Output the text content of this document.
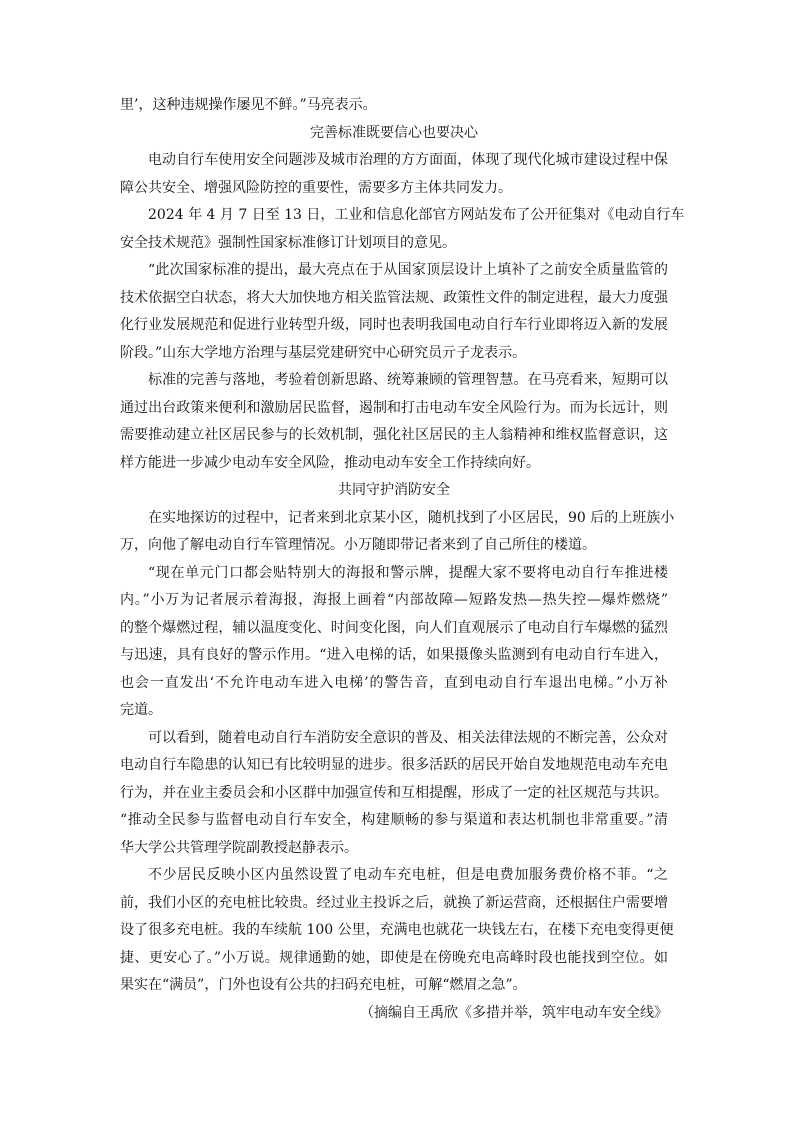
里’，这种违规操作屡见不鲜。”马亮表示。
完善标准既要信心也要决心
电动自行车使用安全问题涉及城市治理的方方面面，体现了现代化城市建设过程中保
障公共安全、增强风险防控的重要性，需要多方主体共同发力。
2024 年 4 月 7 日至 13 日，工业和信息化部官方网站发布了公开征集对《电动自行车
安全技术规范》强制性国家标准修订计划项目的意见。
“此次国家标准的提出，最大亮点在于从国家顶层设计上填补了之前安全质量监管的
技术依据空白状态，将大大加快地方相关监管法规、政策性文件的制定进程，最大力度强
化行业发展规范和促进行业转型升级，同时也表明我国电动自行车行业即将迈入新的发展
阶段。”山东大学地方治理与基层党建研究中心研究员亓子龙表示。
标准的完善与落地，考验着创新思路、统筹兼顾的管理智慧。在马亮看来，短期可以
通过出台政策来便利和激励居民监督，遏制和打击电动车安全风险行为。而为长远计，则
需要推动建立社区居民参与的长效机制，强化社区居民的主人翁精神和维权监督意识，这
样方能进一步减少电动车安全风险，推动电动车安全工作持续向好。
共同守护消防安全
在实地探访的过程中，记者来到北京某小区，随机找到了小区居民，90 后的上班族小
万，向他了解电动自行车管理情况。小万随即带记者来到了自己所住的楼道。
“现在单元门口都会贴特别大的海报和警示牌，提醒大家不要将电动自行车推进楼
内。”小万为记者展示着海报，海报上画着“内部故障—短路发热—热失控—爆炸燃烧”
的整个爆燃过程，辅以温度变化、时间变化图，向人们直观展示了电动自行车爆燃的猛烈
与迅速，具有良好的警示作用。“进入电梯的话，如果摄像头监测到有电动自行车进入，
也会一直发出‘不允许电动车进入电梯’的警告音，直到电动自行车退出电梯。”小万补
完道。
可以看到，随着电动自行车消防安全意识的普及、相关法律法规的不断完善，公众对
电动自行车隐患的认知已有比较明显的进步。很多活跃的居民开始自发地规范电动车充电
行为，并在业主委员会和小区群中加强宣传和互相提醒，形成了一定的社区规范与共识。
“推动全民参与监督电动自行车安全，构建顺畅的参与渠道和表达机制也非常重要。”清
华大学公共管理学院副教授赵静表示。
不少居民反映小区内虽然设置了电动车充电桩，但是电费加服务费价格不菲。“之
前，我们小区的充电桩比较贵。经过业主投诉之后，就换了新运营商，还根据住户需要增
设了很多充电桩。我的车续航 100 公里，充满电也就花一块钱左右，在楼下充电变得更便
捷、更安心了。”小万说。规律通勤的她，即使是在傍晚充电高峰时段也能找到空位。如
果实在“满员”，门外也设有公共的扫码充电桩，可解“燃眉之急”。
（摘编自王禹欣《多措并举，筑牢电动车安全线》
